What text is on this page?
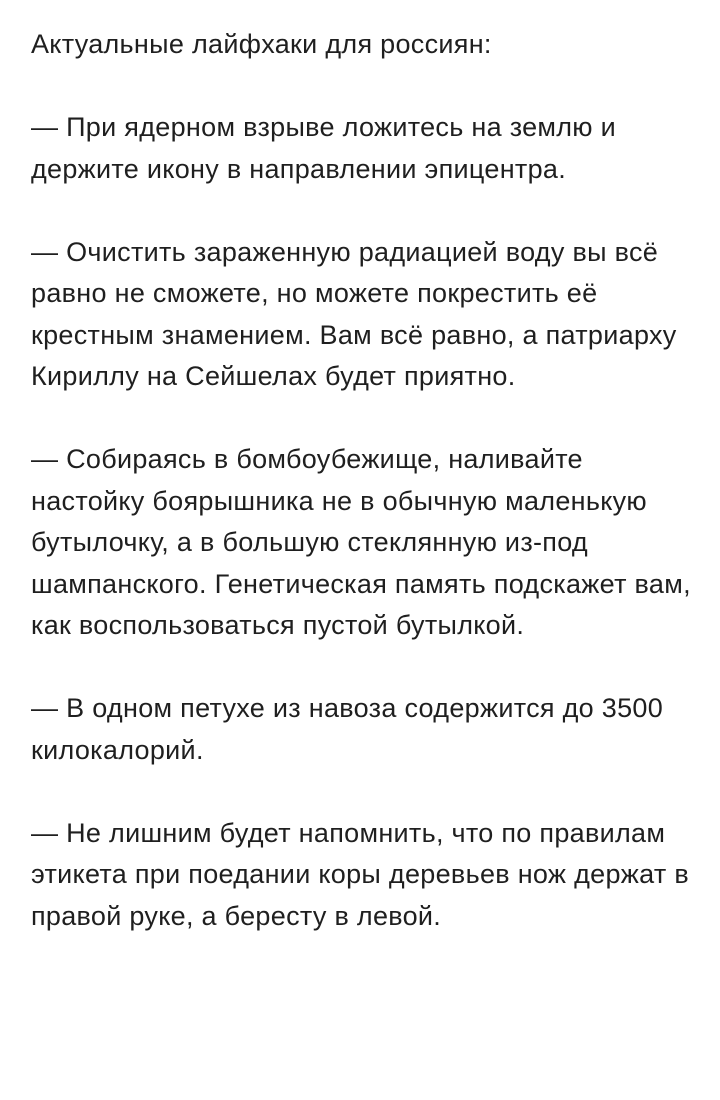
Актуальные лайфхаки для россиян:

— При ядерном взрыве ложитесь на землю и держите икону в направлении эпицентра.

— Очистить зараженную радиацией воду вы всё равно не сможете, но можете покрестить её крестным знамением. Вам всё равно, а патриарху Кириллу на Сейшелах будет приятно.

— Собираясь в бомбоубежище, наливайте настойку боярышника не в обычную маленькую бутылочку, а в большую стеклянную из-под шампанского. Генетическая память подскажет вам, как воспользоваться пустой бутылкой.

— В одном петухе из навоза содержится до 3500 килокалорий.

— Не лишним будет напомнить, что по правилам этикета при поедании коры деревьев нож держат в правой руке, а бересту в левой.
